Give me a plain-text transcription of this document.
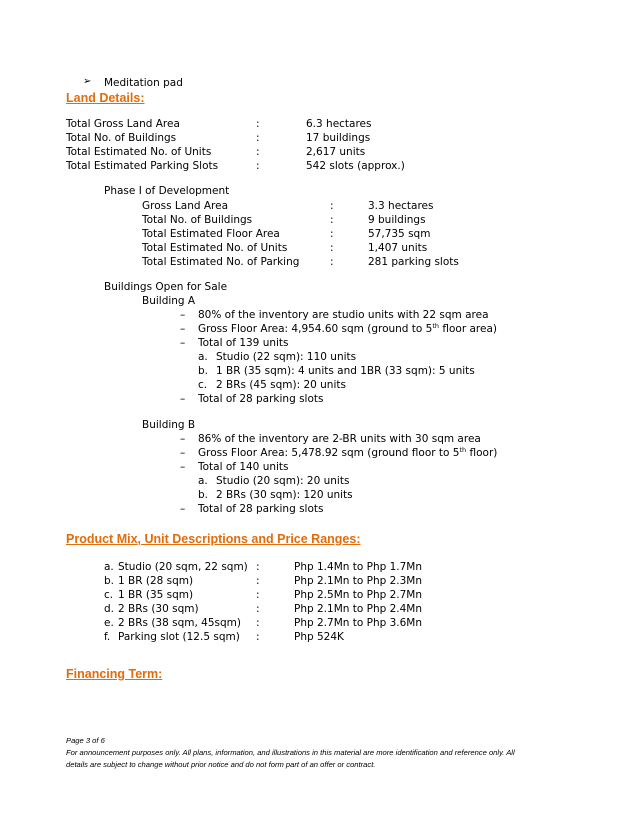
➢ Meditation pad
Land Details:
Total Gross Land Area	:	6.3 hectares
Total No. of Buildings	:	17 buildings
Total Estimated No. of Units	:	2,617 units
Total Estimated Parking Slots	:	542 slots (approx.)
Phase I of Development
Gross Land Area	:	3.3 hectares
Total No. of Buildings	:	9 buildings
Total Estimated Floor Area	:	57,735 sqm
Total Estimated No. of Units	:	1,407 units
Total Estimated No. of Parking	:	281 parking slots
Buildings Open for Sale
Building A
– 80% of the inventory are studio units with 22 sqm area
– Gross Floor Area: 4,954.60 sqm (ground to 5th floor area)
– Total of 139 units
a. Studio (22 sqm): 110 units
b. 1 BR (35 sqm): 4 units and 1BR (33 sqm): 5 units
c. 2 BRs (45 sqm): 20 units
– Total of 28 parking slots
Building B
– 86% of the inventory are 2-BR units with 30 sqm area
– Gross Floor Area: 5,478.92 sqm (ground floor to 5th floor)
– Total of 140 units
a. Studio (20 sqm): 20 units
b. 2 BRs (30 sqm): 120 units
– Total of 28 parking slots
Product Mix, Unit Descriptions and Price Ranges:
a. Studio (20 sqm, 22 sqm) :	Php 1.4Mn to Php 1.7Mn
b. 1 BR (28 sqm)	:	Php 2.1Mn to Php 2.3Mn
c. 1 BR (35 sqm)	:	Php 2.5Mn to Php 2.7Mn
d. 2 BRs (30 sqm)	:	Php 2.1Mn to Php 2.4Mn
e. 2 BRs (38 sqm, 45sqm) :	Php 2.7Mn to Php 3.6Mn
f. Parking slot (12.5 sqm) :	Php 524K
Financing Term:
Page 3 of 6
For announcement purposes only. All plans, information, and illustrations in this material are more identification and reference only. All
details are subject to change without prior notice and do not form part of an offer or contract.
